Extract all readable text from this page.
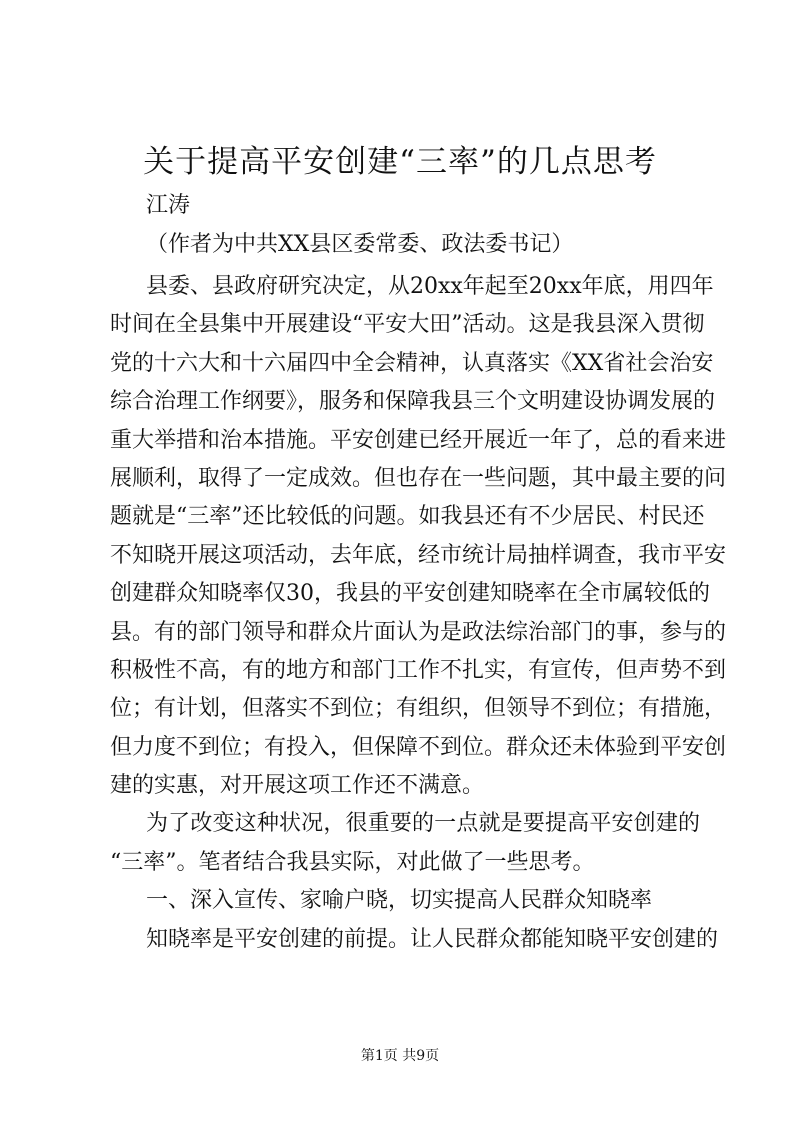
关于提高平安创建“三率”的几点思考
江涛
（作者为中共XX县区委常委、政法委书记）
县委、县政府研究决定，从20xx年起至20xx年底，用四年
时间在全县集中开展建设“平安大田”活动。这是我县深入贯彻
党的十六大和十六届四中全会精神，认真落实《XX省社会治安
综合治理工作纲要》，服务和保障我县三个文明建设协调发展的
重大举措和治本措施。平安创建已经开展近一年了，总的看来进
展顺利，取得了一定成效。但也存在一些问题，其中最主要的问
题就是“三率”还比较低的问题。如我县还有不少居民、村民还
不知晓开展这项活动，去年底，经市统计局抽样调查，我市平安
创建群众知晓率仅30，我县的平安创建知晓率在全市属较低的
县。有的部门领导和群众片面认为是政法综治部门的事，参与的
积极性不高，有的地方和部门工作不扎实，有宣传，但声势不到
位；有计划，但落实不到位；有组织，但领导不到位；有措施，
但力度不到位；有投入，但保障不到位。群众还未体验到平安创
建的实惠，对开展这项工作还不满意。
为了改变这种状况，很重要的一点就是要提高平安创建的
“三率”。笔者结合我县实际，对此做了一些思考。
一、深入宣传、家喻户晓，切实提高人民群众知晓率
知晓率是平安创建的前提。让人民群众都能知晓平安创建的
第1页 共9页
